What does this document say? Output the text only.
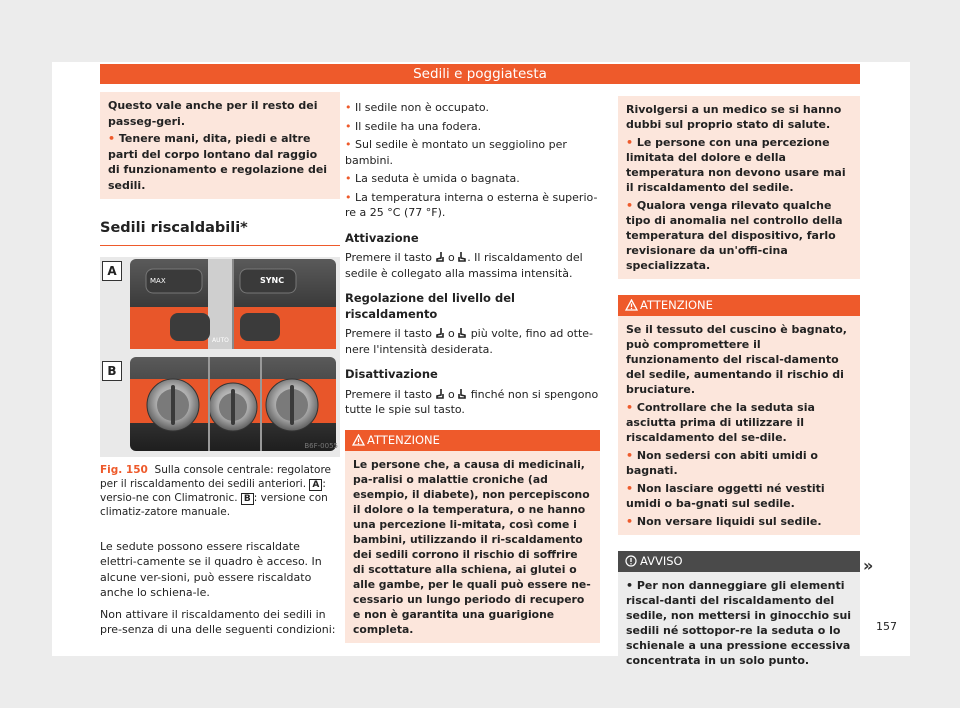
Sedili e poggiatesta

Questo vale anche per il resto dei passeg-geri.

• Tenere mani, dita, piedi e altre parti del corpo lontano dal raggio di funzionamento e regolazione dei sedili.

Sedili riscaldabili*
A
B
MAX	SYNC
AUTO
B6F-0055
Fig. 150 Sulla console centrale: regolatore per il riscaldamento dei sedili anteriori. A : versio-ne con Climatronic. B : versione con climatiz-zatore manuale.

Le sedute possono essere riscaldate elettri-camente se il quadro è acceso. In alcune ver-sioni, può essere riscaldato anche lo schiena-le.

Non attivare il riscaldamento dei sedili in pre-senza di una delle seguenti condizioni:

• Il sedile non è occupato.

• Il sedile ha una fodera.

• Sul sedile è montato un seggiolino per bambini.

• La seduta è umida o bagnata.

• La temperatura interna o esterna è superio-re a 25 °C (77 °F).

Attivazione

Premere il tasto o . Il riscaldamento del sedile è collegato alla massima intensità.

Regolazione del livello del riscaldamento

Premere il tasto o più volte, fino ad otte-nere l'intensità desiderata.

Disattivazione

Premere il tasto o finché non si spengono tutte le spie sul tasto.

ATTENZIONE
Le persone che, a causa di medicinali, pa-ralisi o malattie croniche (ad esempio, il diabete), non percepiscono il dolore o la temperatura, o ne hanno una percezione li-mitata, così come i bambini, utilizzando il ri-scaldamento dei sedili corrono il rischio di soffrire di scottature alla schiena, ai glutei o alle gambe, per le quali può essere ne-cessario un lungo periodo di recupero e non è garantita una guarigione completa.

Rivolgersi a un medico se si hanno dubbi sul proprio stato di salute.

• Le persone con una percezione limitata del dolore e della temperatura non devono usare mai il riscaldamento del sedile.

• Qualora venga rilevato qualche tipo di anomalia nel controllo della temperatura del dispositivo, farlo revisionare da un'offi-cina specializzata.

ATTENZIONE

Se il tessuto del cuscino è bagnato, può compromettere il funzionamento del riscal-damento del sedile, aumentando il rischio di bruciature.

• Controllare che la seduta sia asciutta prima di utilizzare il riscaldamento del se-dile.

• Non sedersi con abiti umidi o bagnati.

• Non lasciare oggetti né vestiti umidi o ba-gnati sul sedile.

• Non versare liquidi sul sedile.

AVVISO

• Per non danneggiare gli elementi riscal-danti del riscaldamento del sedile, non mettersi in ginocchio sui sedili né sottopor-re la seduta o lo schienale a una pressione eccessiva concentrata in un solo punto.

»
157
